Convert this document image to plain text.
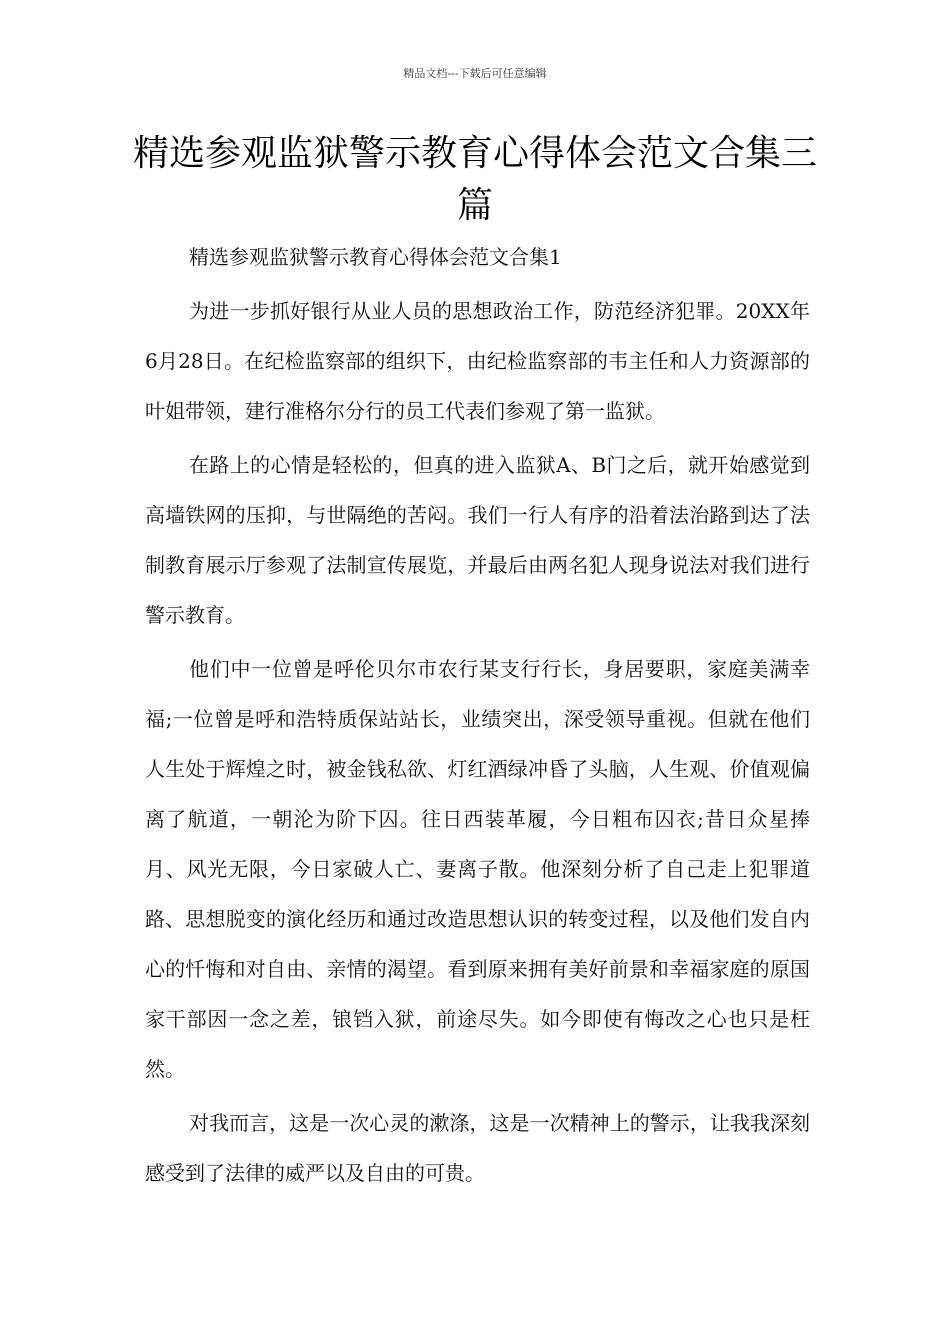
精品文档---下载后可任意编辑
精选参观监狱警示教育心得体会范文合集三篇

精选参观监狱警示教育心得体会范文合集1

为进一步抓好银行从业人员的思想政治工作，防范经济犯罪。20XX年6月28日。在纪检监察部的组织下，由纪检监察部的韦主任和人力资源部的叶姐带领，建行准格尔分行的员工代表们参观了第一监狱。

在路上的心情是轻松的，但真的进入监狱A、B门之后，就开始感觉到高墙铁网的压抑，与世隔绝的苦闷。我们一行人有序的沿着法治路到达了法制教育展示厅参观了法制宣传展览，并最后由两名犯人现身说法对我们进行警示教育。

他们中一位曾是呼伦贝尔市农行某支行行长，身居要职，家庭美满幸福;一位曾是呼和浩特质保站站长，业绩突出，深受领导重视。但就在他们人生处于辉煌之时，被金钱私欲、灯红酒绿冲昏了头脑，人生观、价值观偏离了航道，一朝沦为阶下囚。往日西装革履，今日粗布囚衣;昔日众星捧月、风光无限，今日家破人亡、妻离子散。他深刻分析了自己走上犯罪道路、思想脱变的演化经历和通过改造思想认识的转变过程，以及他们发自内心的忏悔和对自由、亲情的渴望。看到原来拥有美好前景和幸福家庭的原国家干部因一念之差，锒铛入狱，前途尽失。如今即使有悔改之心也只是枉然。

对我而言，这是一次心灵的漱涤，这是一次精神上的警示，让我我深刻感受到了法律的威严以及自由的可贵。
